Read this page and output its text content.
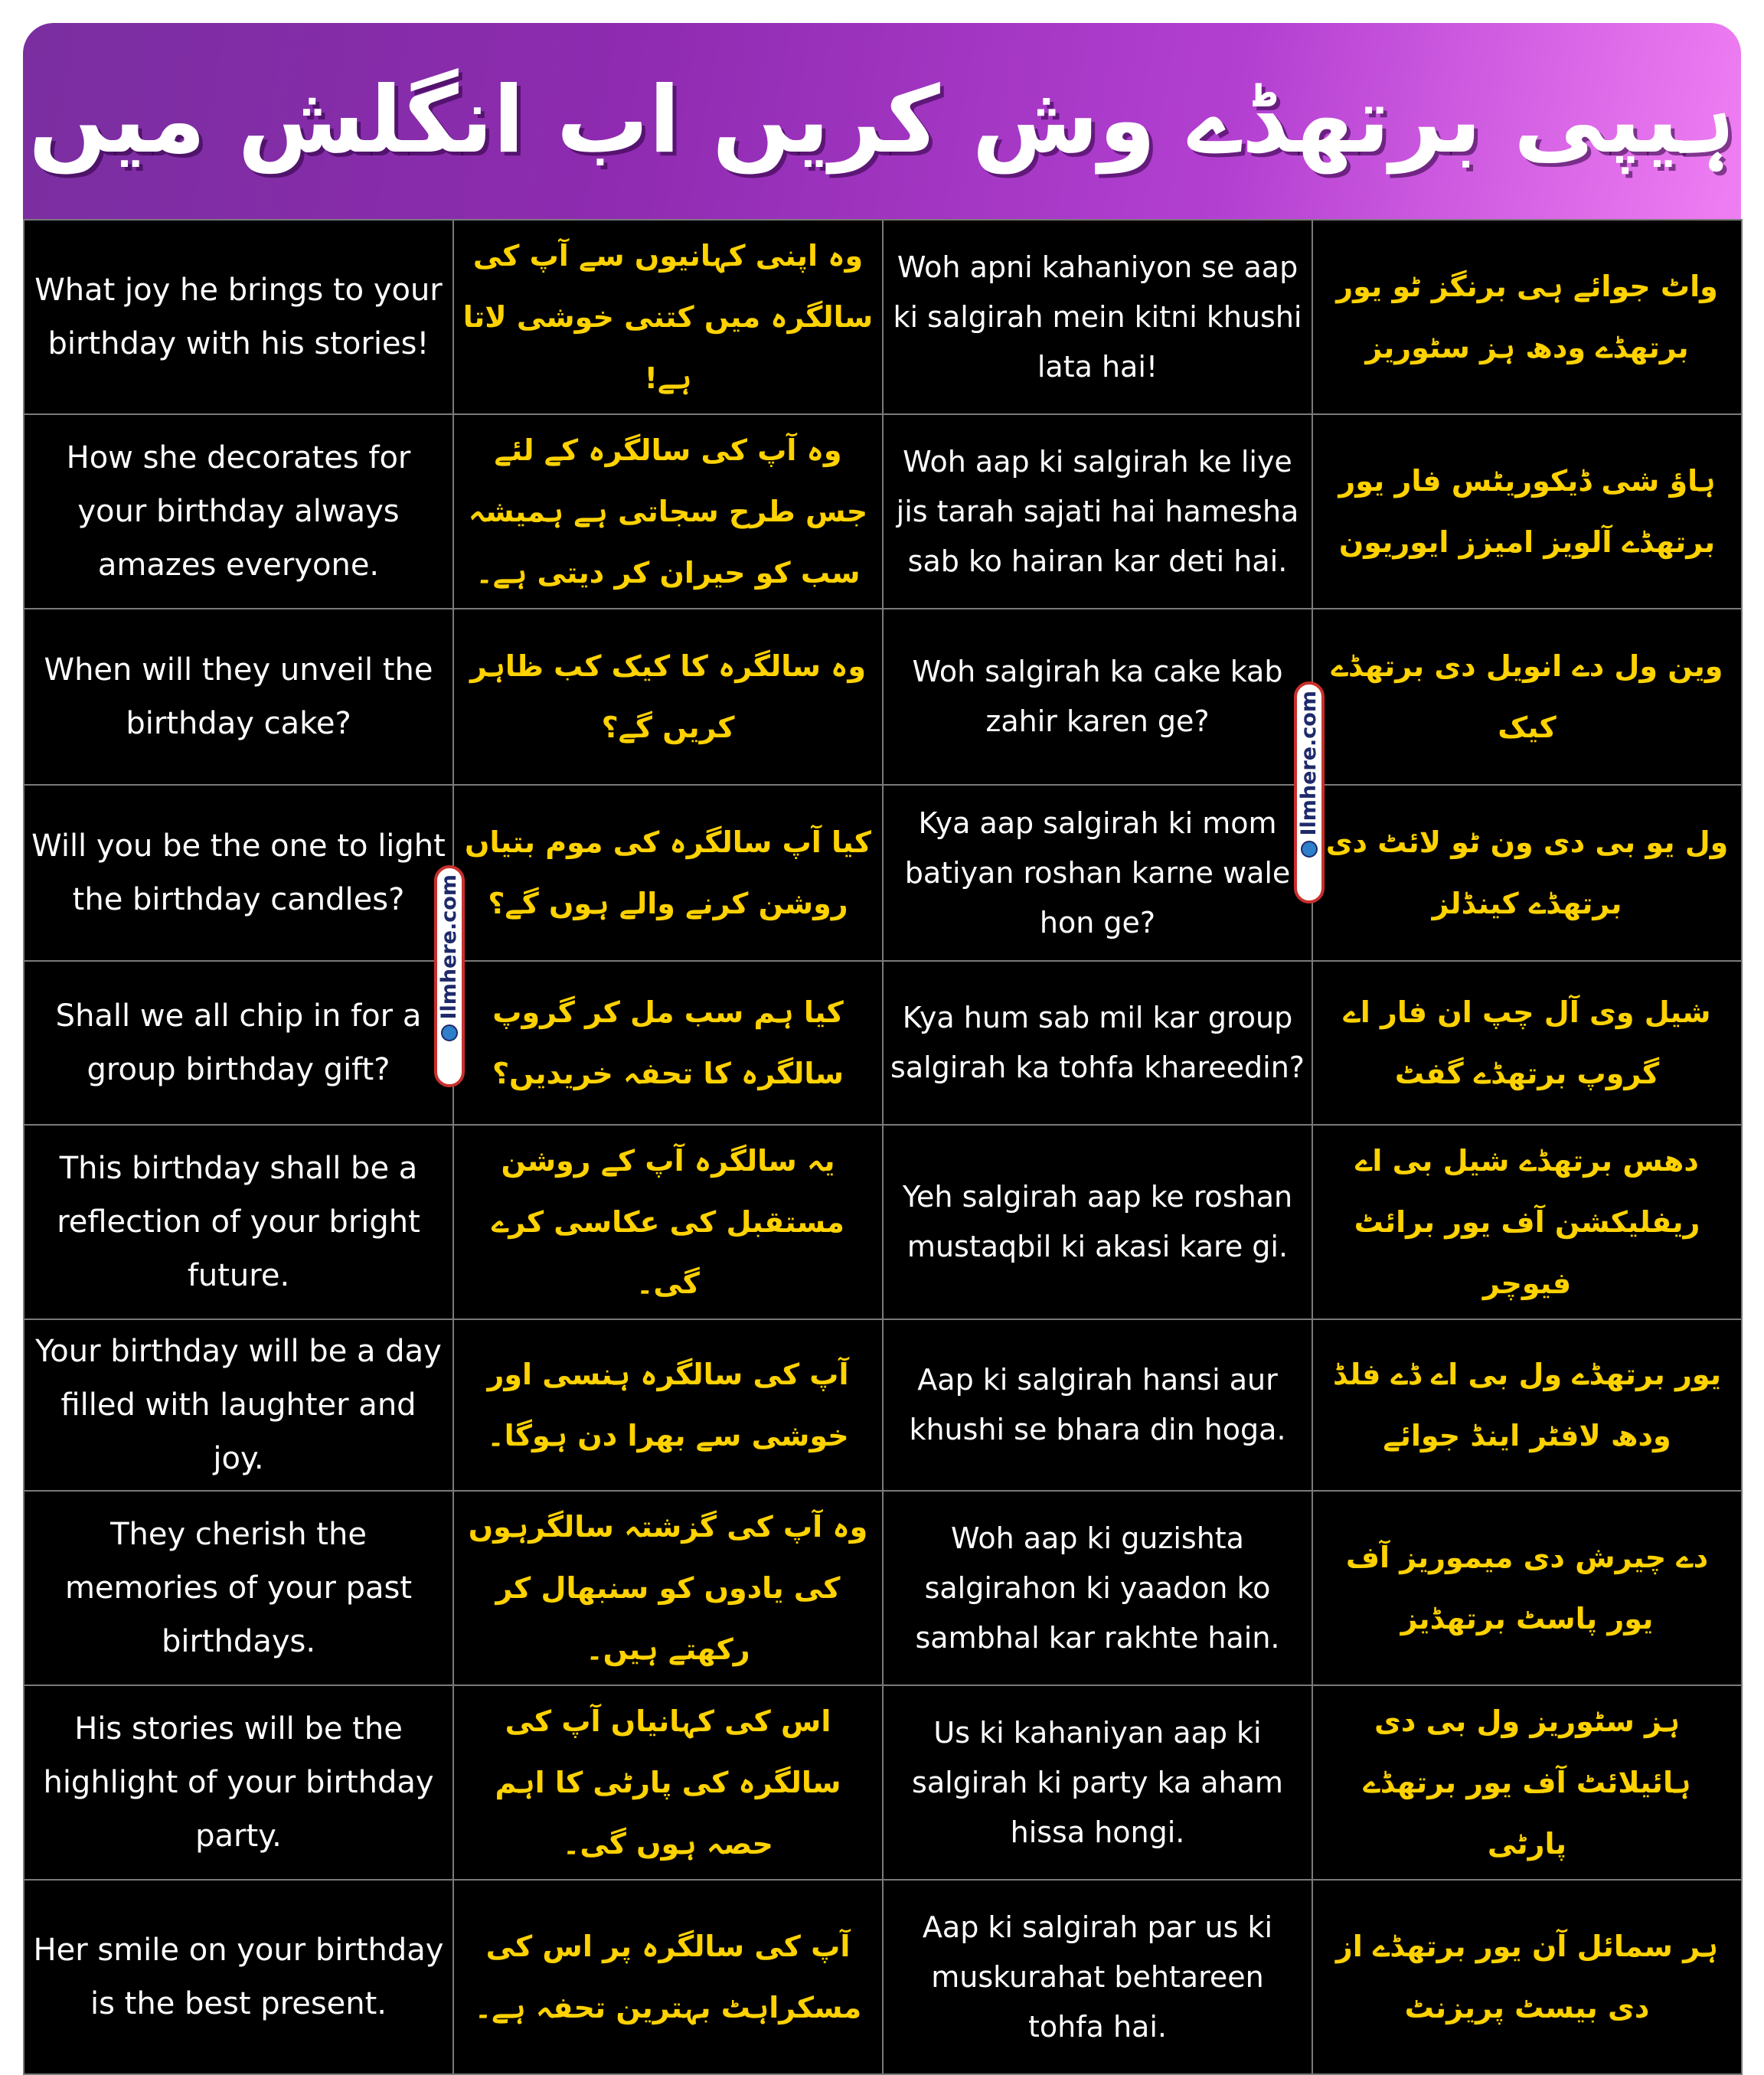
ہیپی برتھڈے وش کریں اب انگلش میں
What joy he brings to your birthday with his stories!	وہ اپنی کہانیوں سے آپ کی سالگرہ میں کتنی خوشی لاتا ہے!	Woh apni kahaniyon se aap ki salgirah mein kitni khushi lata hai!	واٹ جوائے ہی برنگز ٹو یور برتھڈے ودھ ہز سٹوریز
How she decorates for your birthday always amazes everyone.	وہ آپ کی سالگرہ کے لئے جس طرح سجاتی ہے ہمیشہ سب کو حیران کر دیتی ہے۔	Woh aap ki salgirah ke liye jis tarah sajati hai hamesha sab ko hairan kar deti hai.	ہاؤ شی ڈیکوریٹس فار یور برتھڈے آلویز امیزز ایوریون
When will they unveil the birthday cake?	وہ سالگرہ کا کیک کب ظاہر کریں گے؟	Woh salgirah ka cake kab zahir karen ge?	وین ول دے انویل دی برتھڈے کیک
Will you be the one to light the birthday candles?	کیا آپ سالگرہ کی موم بتیاں روشن کرنے والے ہوں گے؟	Kya aap salgirah ki mom batiyan roshan karne wale hon ge?	ول یو بی دی ون ٹو لائٹ دی برتھڈے کینڈلز
Shall we all chip in for a group birthday gift?	کیا ہم سب مل کر گروپ سالگرہ کا تحفہ خریدیں؟	Kya hum sab mil kar group salgirah ka tohfa khareedin?	شیل وی آل چپ ان فار اے گروپ برتھڈے گفٹ
This birthday shall be a reflection of your bright future.	یہ سالگرہ آپ کے روشن مستقبل کی عکاسی کرے گی۔	Yeh salgirah aap ke roshan mustaqbil ki akasi kare gi.	دھس برتھڈے شیل بی اے ریفلیکشن آف یور برائٹ فیوچر
Your birthday will be a day filled with laughter and joy.	آپ کی سالگرہ ہنسی اور خوشی سے بھرا دن ہوگا۔	Aap ki salgirah hansi aur khushi se bhara din hoga.	یور برتھڈے ول بی اے ڈے فلڈ ودھ لافٹر اینڈ جوائے
They cherish the memories of your past birthdays.	وہ آپ کی گزشتہ سالگرہوں کی یادوں کو سنبھال کر رکھتے ہیں۔	Woh aap ki guzishta salgirahon ki yaadon ko sambhal kar rakhte hain.	دے چیرش دی میموریز آف یور پاسٹ برتھڈیز
His stories will be the highlight of your birthday party.	اس کی کہانیاں آپ کی سالگرہ کی پارٹی کا اہم حصہ ہوں گی۔	Us ki kahaniyan aap ki salgirah ki party ka aham hissa hongi.	ہز سٹوریز ول بی دی ہائیلائٹ آف یور برتھڈے پارٹی
Her smile on your birthday is the best present.	آپ کی سالگرہ پر اس کی مسکراہٹ بہترین تحفہ ہے۔	Aap ki salgirah par us ki muskurahat behtareen tohfa hai.	ہر سمائل آن یور برتھڈے از دی بیسٹ پریزنٹ
Ilmhere.com
Ilmhere.com
